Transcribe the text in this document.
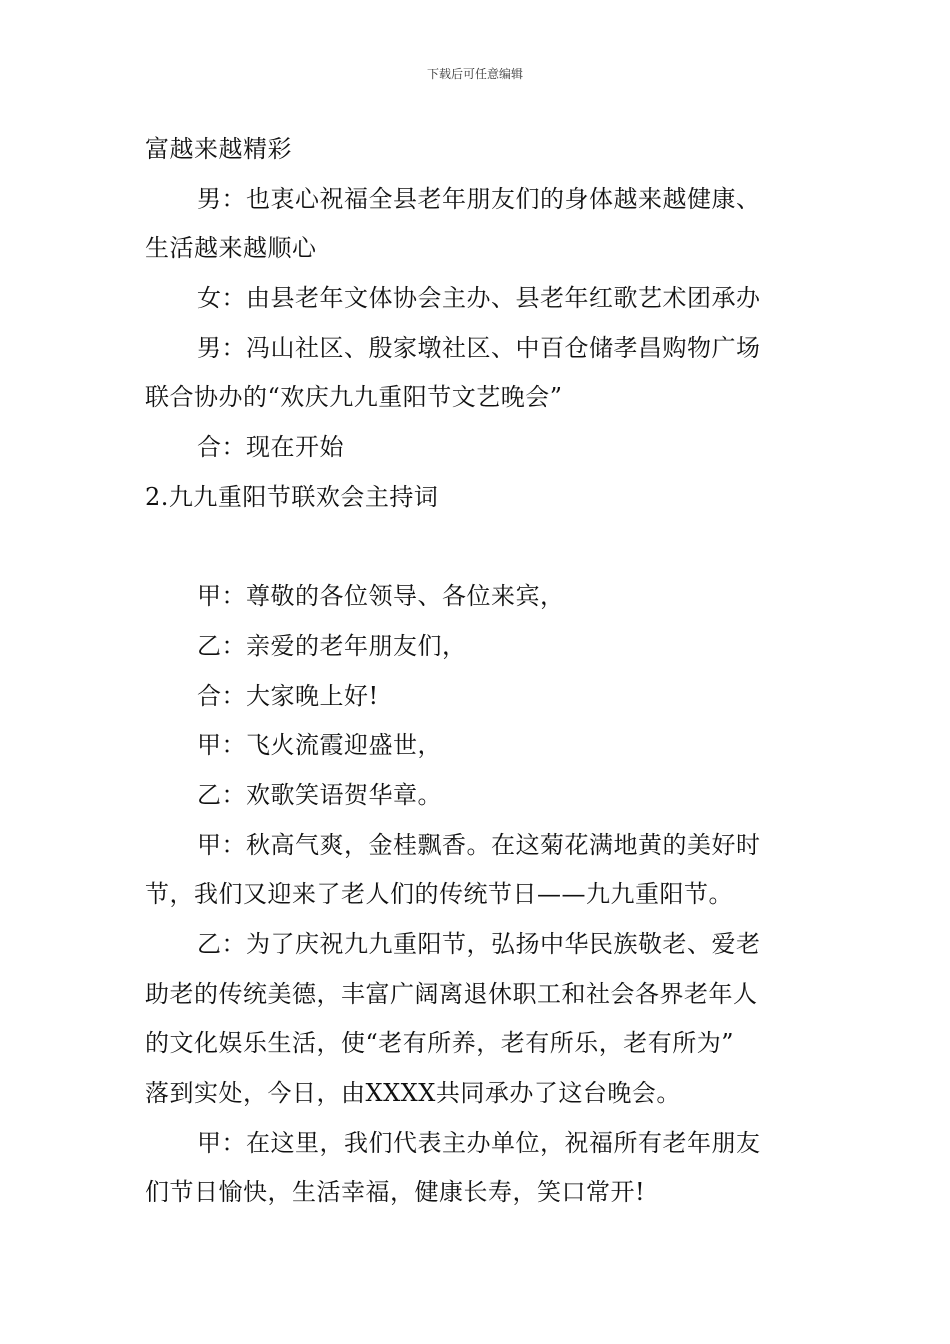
下载后可任意编辑
富越来越精彩
男：也衷心祝福全县老年朋友们的身体越来越健康、
生活越来越顺心
女：由县老年文体协会主办、县老年红歌艺术团承办
男：冯山社区、殷家墩社区、中百仓储孝昌购物广场
联合协办的“欢庆九九重阳节文艺晚会”
合：现在开始
2.九九重阳节联欢会主持词
甲：尊敬的各位领导、各位来宾，
乙：亲爱的老年朋友们，
合：大家晚上好!
甲：飞火流霞迎盛世，
乙：欢歌笑语贺华章。
甲：秋高气爽，金桂飘香。在这菊花满地黄的美好时
节，我们又迎来了老人们的传统节日——九九重阳节。
乙：为了庆祝九九重阳节，弘扬中华民族敬老、爱老
助老的传统美德，丰富广阔离退休职工和社会各界老年人
的文化娱乐生活，使“老有所养，老有所乐，老有所为”
落到实处，今日，由XXXX共同承办了这台晚会。
甲：在这里，我们代表主办单位，祝福所有老年朋友
们节日愉快，生活幸福，健康长寿，笑口常开!
